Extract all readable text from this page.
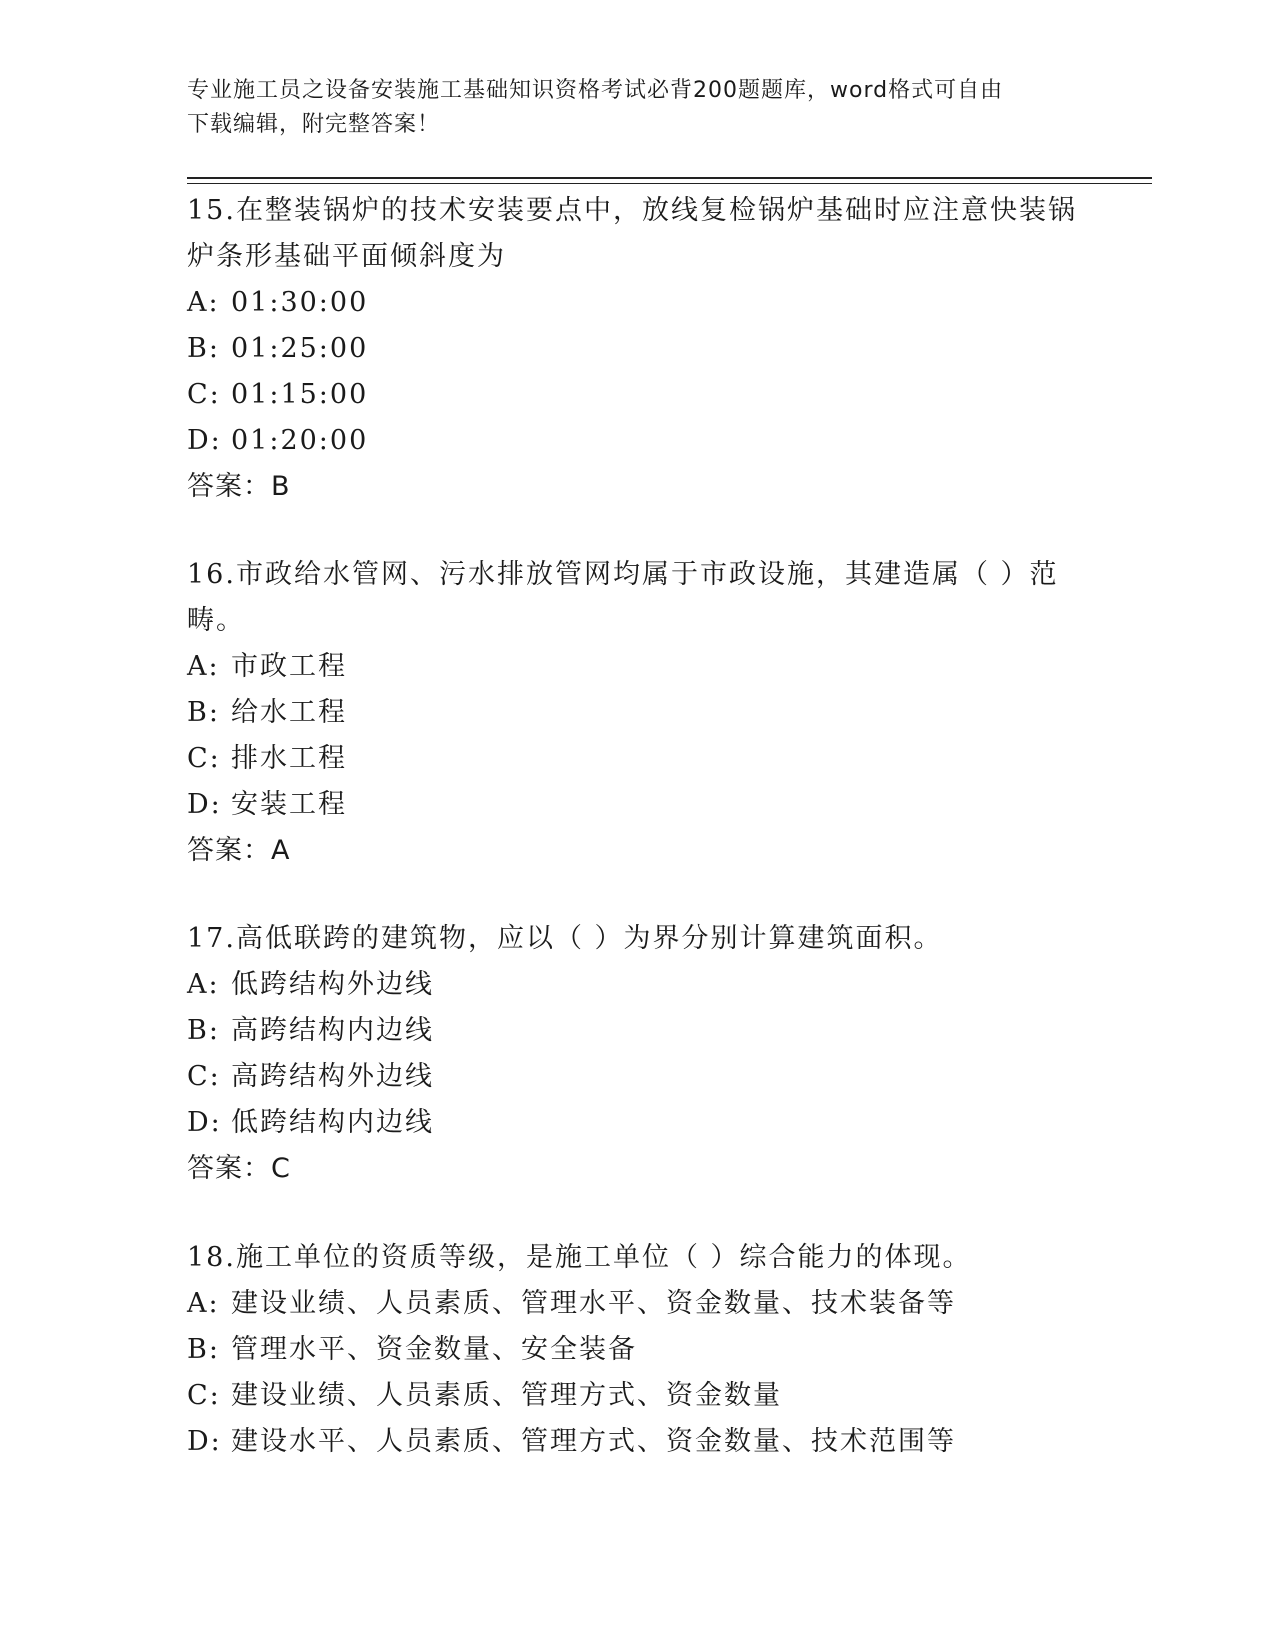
专业施工员之设备安装施工基础知识资格考试必背200题题库，word格式可自由
下载编辑，附完整答案！

15.在整装锅炉的技术安装要点中，放线复检锅炉基础时应注意快装锅炉条形基础平面倾斜度为

A: 01:30:00

B: 01:25:00

C: 01:15:00

D: 01:20:00

答案：B

16.市政给水管网、污水排放管网均属于市政设施，其建造属（ ）范畴。

A: 市政工程

B: 给水工程

C: 排水工程

D: 安装工程

答案：A

17.高低联跨的建筑物，应以（ ）为界分别计算建筑面积。

A: 低跨结构外边线

B: 高跨结构内边线

C: 高跨结构外边线

D: 低跨结构内边线

答案：C

18.施工单位的资质等级，是施工单位（ ）综合能力的体现。

A: 建设业绩、人员素质、管理水平、资金数量、技术装备等

B: 管理水平、资金数量、安全装备

C: 建设业绩、人员素质、管理方式、资金数量

D: 建设水平、人员素质、管理方式、资金数量、技术范围等
